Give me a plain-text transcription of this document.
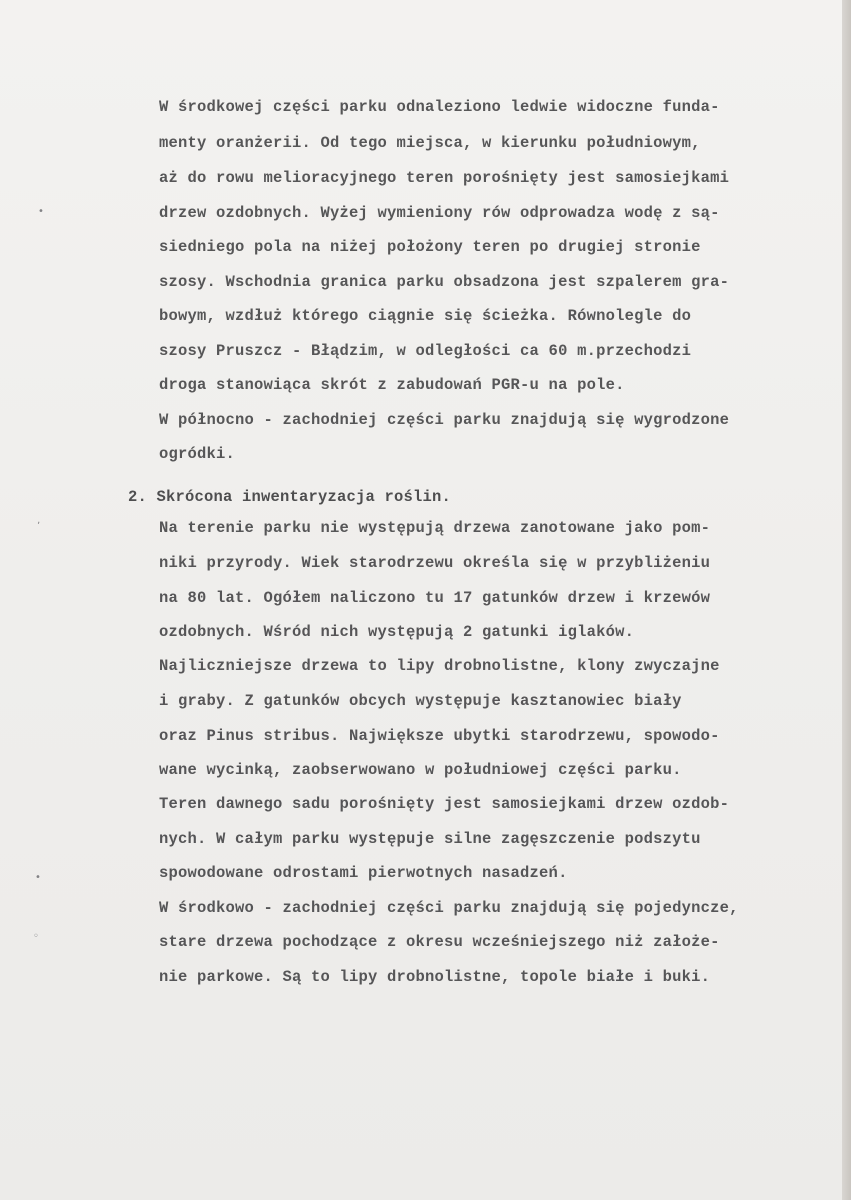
•
ʼ
•
◦
W środkowej części parku odnaleziono ledwie widoczne funda-
menty oranżerii. Od tego miejsca, w kierunku południowym,
aż do rowu melioracyjnego teren porośnięty jest samosiejkami
drzew ozdobnych. Wyżej wymieniony rów odprowadza wodę z są-
siedniego pola na niżej położony teren po drugiej stronie
szosy. Wschodnia granica parku obsadzona jest szpalerem gra-
bowym, wzdłuż którego ciągnie się ścieżka. Równolegle do
szosy Pruszcz - Błądzim, w odległości ca 60 m.przechodzi
droga stanowiąca skrót z zabudowań PGR-u na pole.
W północno - zachodniej części parku znajdują się wygrodzone
ogródki.
2. Skrócona inwentaryzacja roślin.
Na terenie parku nie występują drzewa zanotowane jako pom-
niki przyrody. Wiek starodrzewu określa się w przybliżeniu
na 80 lat. Ogółem naliczono tu 17 gatunków drzew i krzewów
ozdobnych. Wśród nich występują 2 gatunki iglaków.
Najliczniejsze drzewa to lipy drobnolistne, klony zwyczajne
i graby. Z gatunków obcych występuje kasztanowiec biały
oraz Pinus stribus. Największe ubytki starodrzewu, spowodo-
wane wycinką, zaobserwowano w południowej części parku.
Teren dawnego sadu porośnięty jest samosiejkami drzew ozdob-
nych. W całym parku występuje silne zagęszczenie podszytu
spowodowane odrostami pierwotnych nasadzeń.
W środkowo - zachodniej części parku znajdują się pojedyncze,
stare drzewa pochodzące z okresu wcześniejszego niż założe-
nie parkowe. Są to lipy drobnolistne, topole białe i buki.
